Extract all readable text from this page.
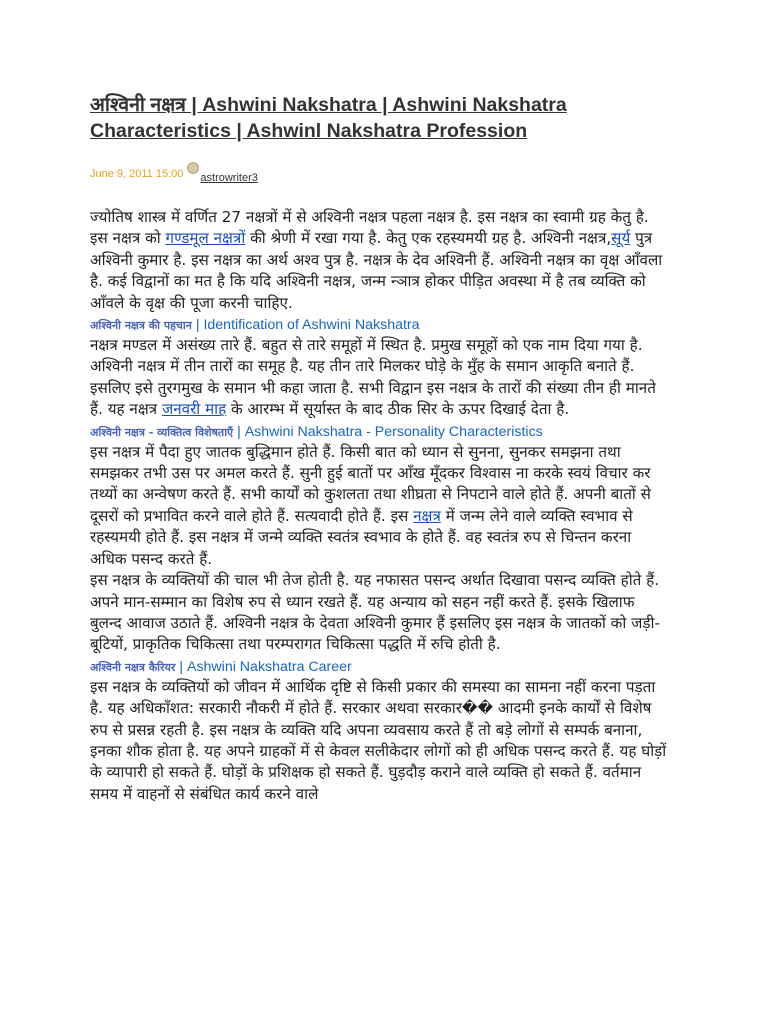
अश्विनी नक्षत्र | Ashwini Nakshatra | Ashwini Nakshatra Characteristics | Ashwinl Nakshatra Profession
June 9, 2011 15:00 astrowriter3

ज्योतिष शास्त्र में वर्णित 27 नक्षत्रों में से अश्विनी नक्षत्र पहला नक्षत्र है. इस नक्षत्र का स्वामी ग्रह केतु है. इस नक्षत्र को गण्डमूल नक्षत्रों की श्रेणी में रखा गया है. केतु एक रहस्यमयी ग्रह है. अश्विनी नक्षत्र,सूर्य पुत्र अश्विनी कुमार है. इस नक्षत्र का अर्थ अश्व पुत्र है. नक्षत्र के देव अश्विनी हैं. अश्विनी नक्षत्र का वृक्ष आँवला है. कई विद्वानों का मत है कि यदि अश्विनी नक्षत्र, जन्म न्ञात्र होकर पीड़ित अवस्था में है तब व्यक्ति को आँवले के वृक्ष की पूजा करनी चाहिए.

अश्विनी नक्षत्र की पहचान | Identification of Ashwini Nakshatra

नक्षत्र मण्डल में असंख्य तारे हैं. बहुत से तारे समूहों में स्थित है. प्रमुख समूहों को एक नाम दिया गया है. अश्विनी नक्षत्र में तीन तारों का समूह है. यह तीन तारे मिलकर घोड़े के मुँह के समान आकृति बनाते हैं. इसलिए इसे तुरगमुख के समान भी कहा जाता है. सभी विद्वान इस नक्षत्र के तारों की संख्या तीन ही मानते हैं. यह नक्षत्र जनवरी माह के आरम्भ में सूर्यास्त के बाद ठीक सिर के ऊपर दिखाई देता है.

अश्विनी नक्षत्र - व्यक्तित्व विशेषताएँ | Ashwini Nakshatra - Personality Characteristics

इस नक्षत्र में पैदा हुए जातक बुद्धिमान होते हैं. किसी बात को ध्यान से सुनना, सुनकर समझना तथा समझकर तभी उस पर अमल करते हैं. सुनी हुई बातों पर आँख मूँदकर विश्वास ना करके स्वयं विचार कर तथ्यों का अन्वेषण करते हैं. सभी कार्यों को कुशलता तथा शीघ्रता से निपटाने वाले होते हैं. अपनी बातों से दूसरों को प्रभावित करने वाले होते हैं. सत्यवादी होते हैं. इस नक्षत्र में जन्म लेने वाले व्यक्ति स्वभाव से रहस्यमयी होते हैं. इस नक्षत्र में जन्मे व्यक्ति स्वतंत्र स्वभाव के होते हैं. वह स्वतंत्र रुप से चिन्तन करना अधिक पसन्द करते हैं.

इस नक्षत्र के व्यक्तियों की चाल भी तेज होती है. यह नफासत पसन्द अर्थात दिखावा पसन्द व्यक्ति होते हैं. अपने मान-सम्मान का विशेष रुप से ध्यान रखते हैं. यह अन्याय को सहन नहीं करते हैं. इसके खिलाफ बुलन्द आवाज उठाते हैं. अश्विनी नक्षत्र के देवता अश्विनी कुमार हैं इसलिए इस नक्षत्र के जातकों को जड़ी-बूटियों, प्राकृतिक चिकित्सा तथा परम्परागत चिकित्सा पद्धति में रुचि होती है.

अश्विनी नक्षत्र कैरियर | Ashwini Nakshatra Career

इस नक्षत्र के व्यक्तियों को जीवन में आर्थिक दृष्टि से किसी प्रकार की समस्या का सामना नहीं करना पड़ता है. यह अधिकाँशत: सरकारी नौकरी में होते हैं. सरकार अथवा सरकार�� आदमी इनके कार्यों से विशेष रुप से प्रसन्न रहती है. इस नक्षत्र के व्यक्ति यदि अपना व्यवसाय करते हैं तो बड़े लोगों से सम्पर्क बनाना, इनका शौक होता है. यह अपने ग्राहकों में से केवल सलीकेदार लोगों को ही अधिक पसन्द करते हैं. यह घोड़ों के व्यापारी हो सकते हैं. घोड़ों के प्रशिक्षक हो सकते हैं. घुड़दौड़ कराने वाले व्यक्ति हो सकते हैं. वर्तमान समय में वाहनों से संबंधित कार्य करने वाले
